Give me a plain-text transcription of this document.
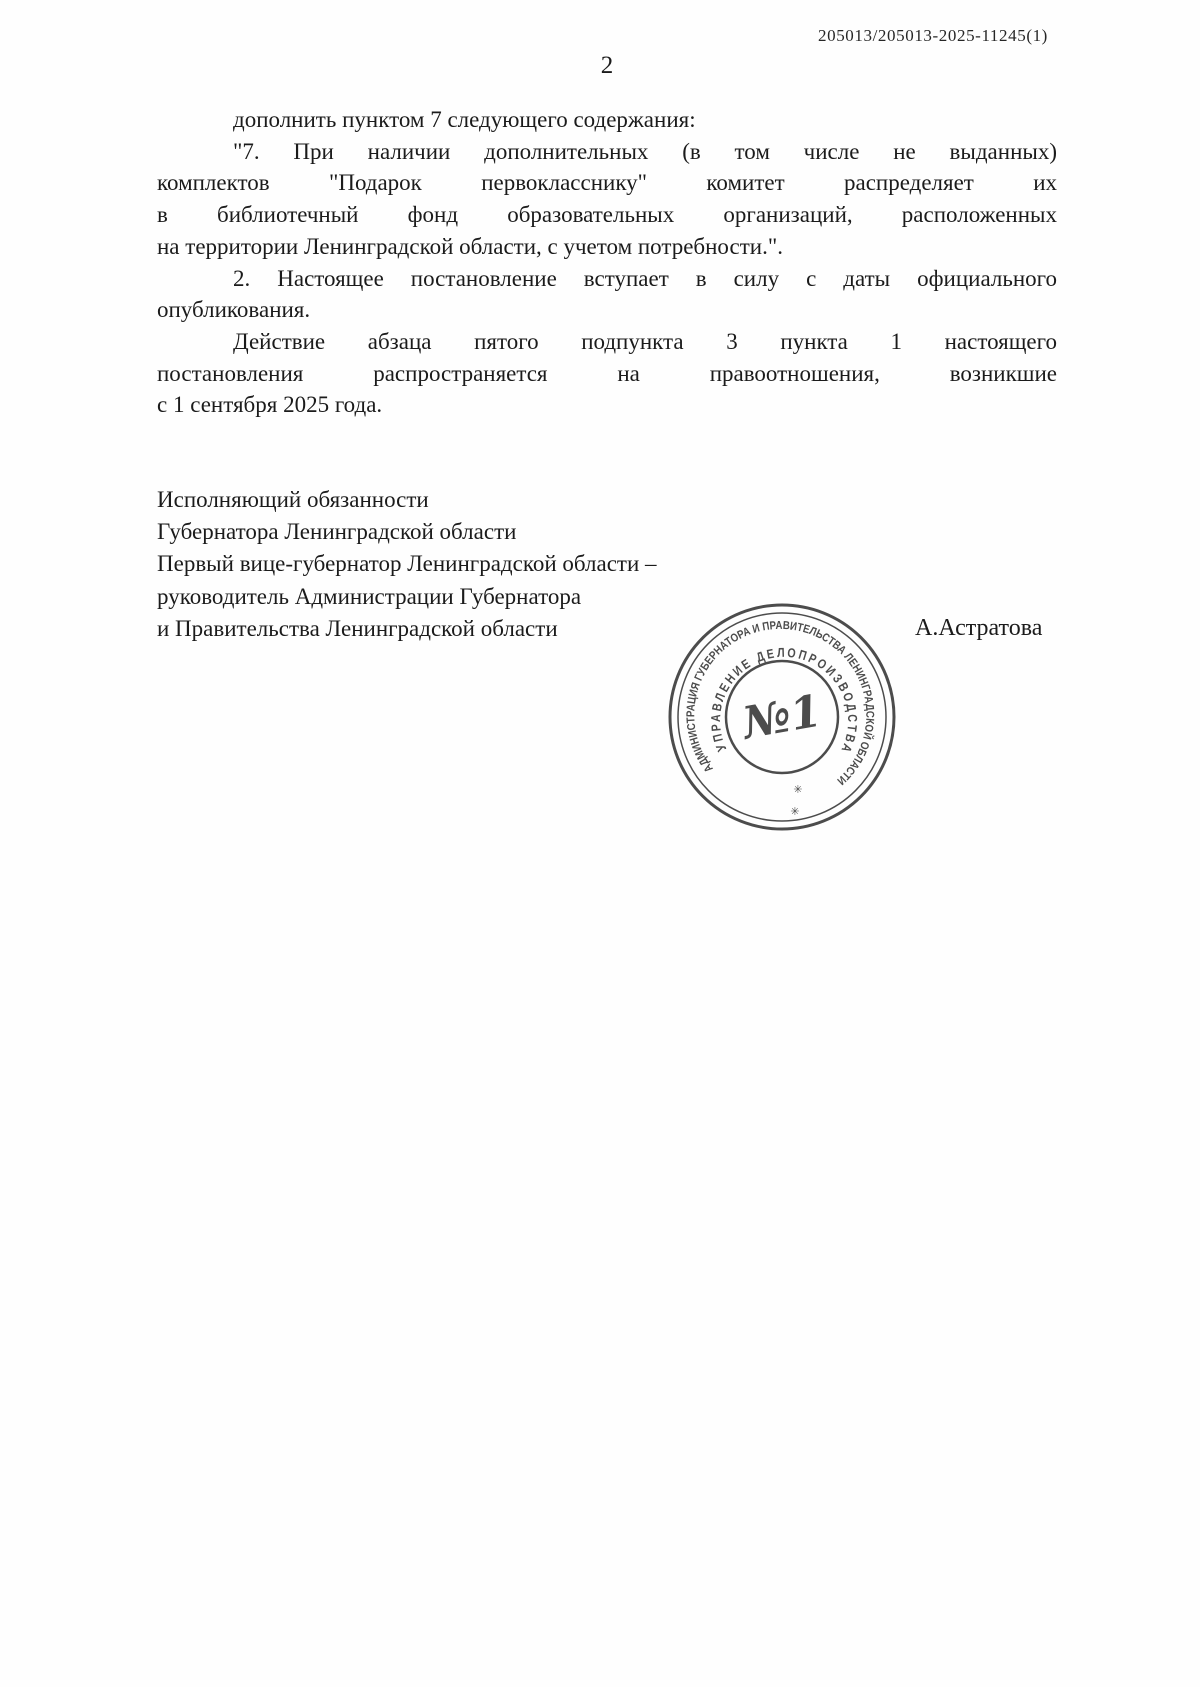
205013/205013-2025-11245(1)
2
дополнить пунктом 7 следующего содержания:
"7. При наличии дополнительных (в том числе не выданных)
комплектов "Подарок первокласснику" комитет распределяет их
в библиотечный фонд образовательных организаций, расположенных
на территории Ленинградской области, с учетом потребности.".
2. Настоящее постановление вступает в силу с даты официального
опубликования.
Действие абзаца пятого подпункта 3 пункта 1 настоящего
постановления распространяется на правоотношения, возникшие
с 1 сентября 2025 года.
Исполняющий обязанности
Губернатора Ленинградской области
Первый вице-губернатор Ленинградской области –
руководитель Администрации Губернатора
и Правительства Ленинградской области	А.Астратова
АДМИНИСТРАЦИЯ ГУБЕРНАТОРА И ПРАВИТЕЛЬСТВА ЛЕНИНГРАДСКОЙ ОБЛАСТИ
УПРАВЛЕНИЕ ДЕЛОПРОИЗВОДСТВА
✳
✳
№1
